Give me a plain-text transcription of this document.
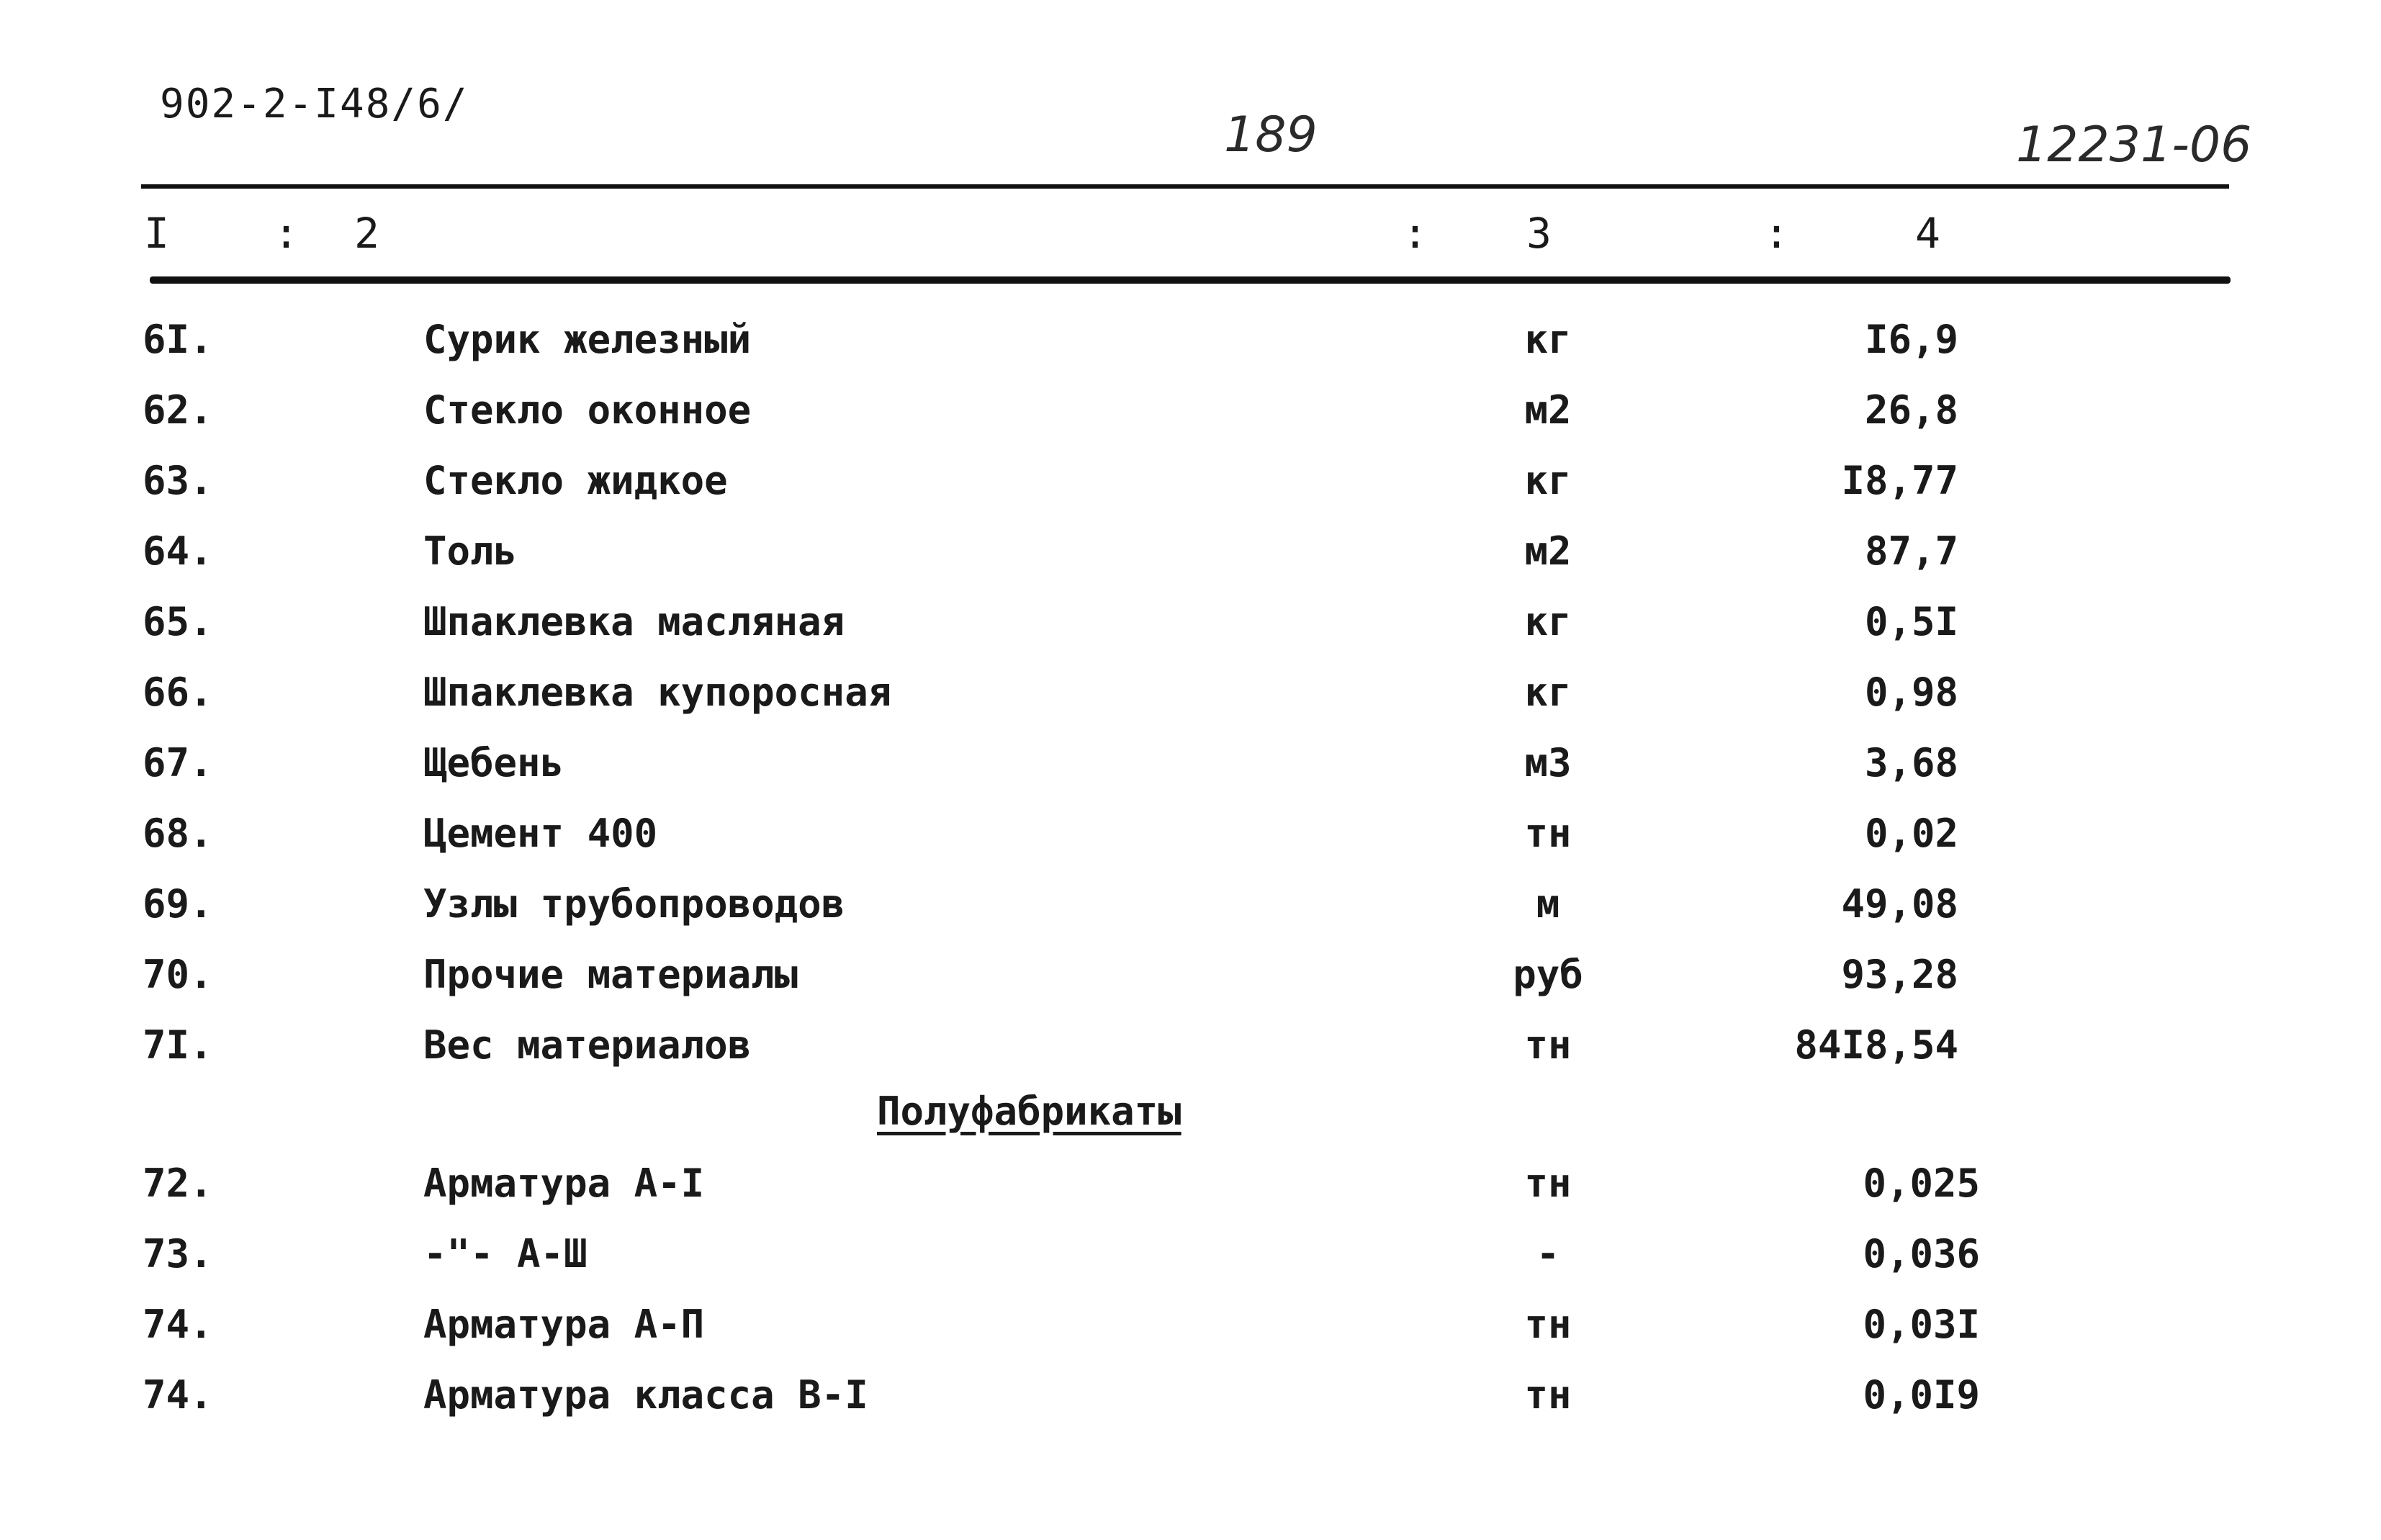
902-2-I48/6/
189	12231-06
I	: 2	: 3	:	4
6I.	Сурик железный	кг	I6,9
62.	Стекло оконное	м2	26,8
63.	Стекло жидкое	кг	I8,77
64.	Толь	м2	87,7
65.	Шпаклевка масляная	кг	0,5I
66.	Шпаклевка купоросная	кг	0,98
67.	Щебень	м3	3,68
68.	Цемент 400	тн	0,02
69.	Узлы трубопроводов	м	49,08
70.	Прочие материалы	руб	93,28
7I.	Вес материалов	тн	84I8,54
Полуфабрикаты
72.	Арматура А-I	тн	0,025
73.	-"- А-Ш	-	0,036
74.	Арматура А-П	тн	0,03I
74.	Арматура класса В-I	тн	0,0I9
